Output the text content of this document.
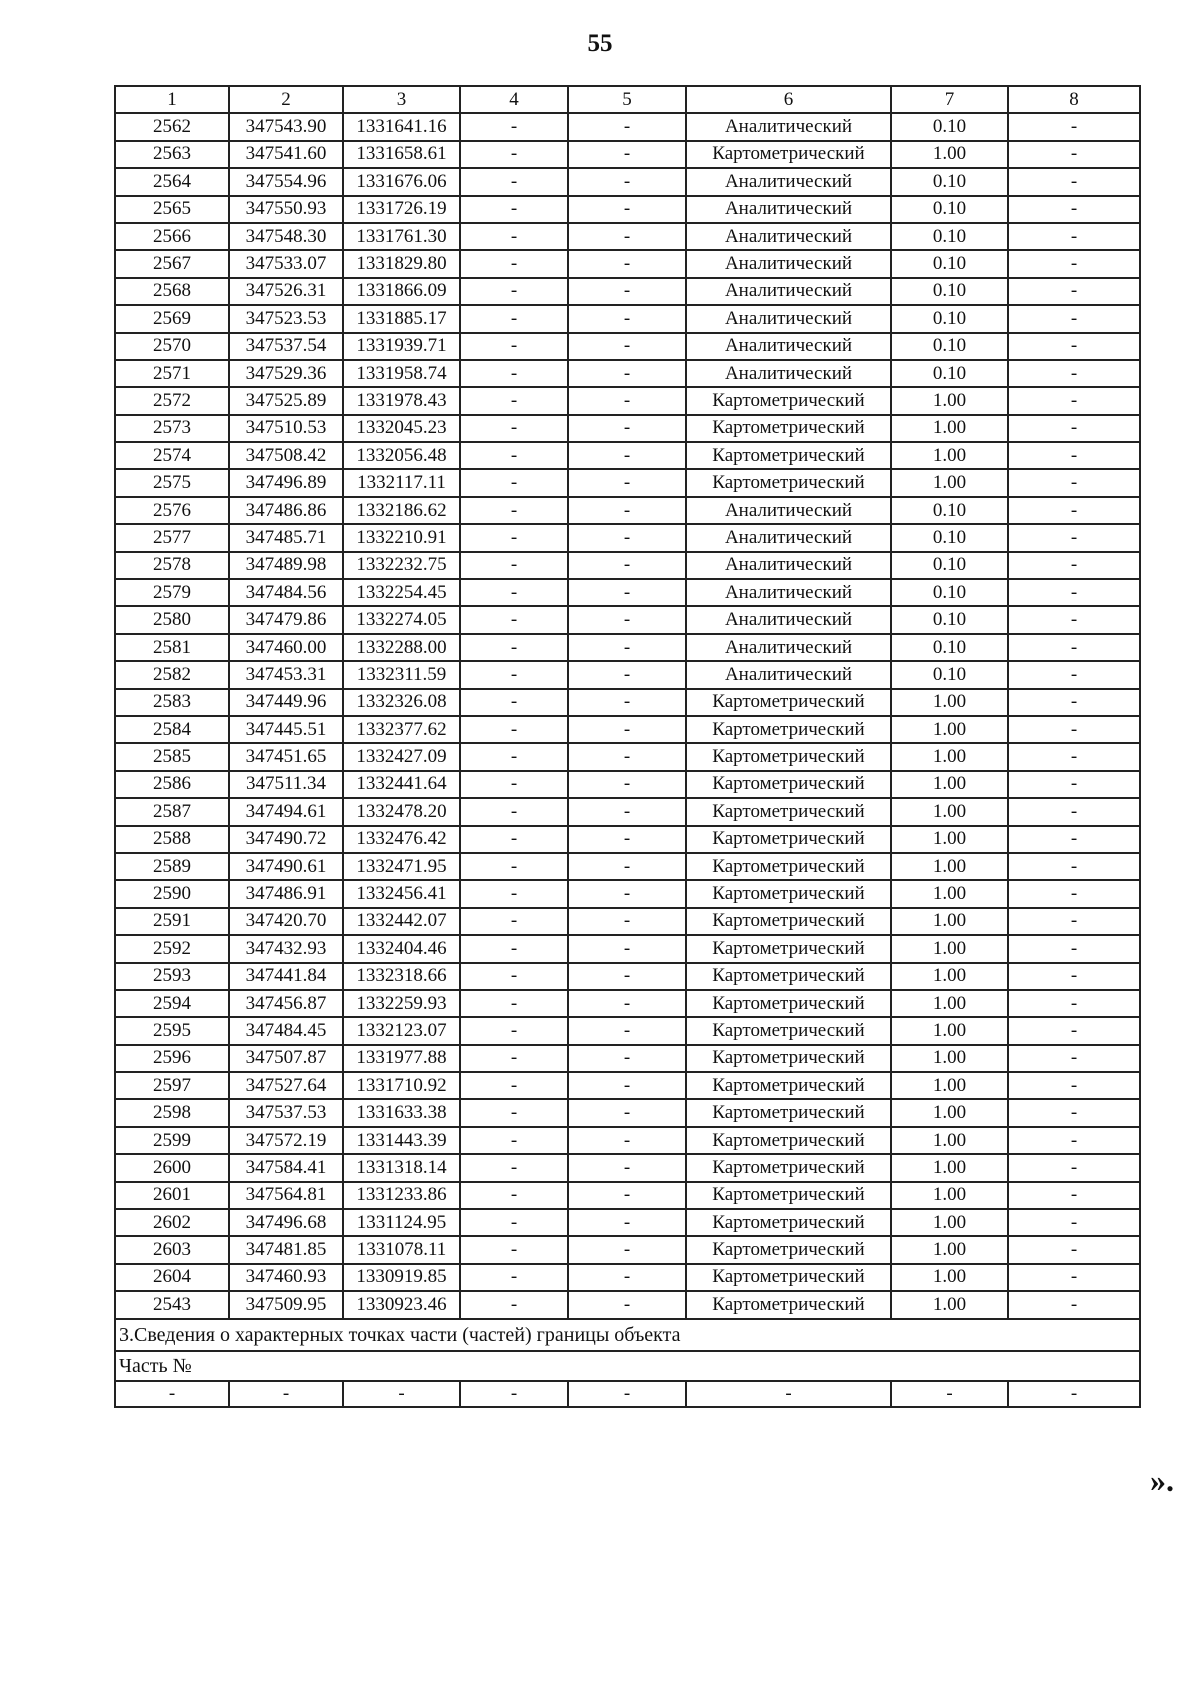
55
1	2	3	4	5	6	7	8
2562	347543.90	1331641.16	-	-	Аналитический	0.10	-
2563	347541.60	1331658.61	-	-	Картометрический	1.00	-
2564	347554.96	1331676.06	-	-	Аналитический	0.10	-
2565	347550.93	1331726.19	-	-	Аналитический	0.10	-
2566	347548.30	1331761.30	-	-	Аналитический	0.10	-
2567	347533.07	1331829.80	-	-	Аналитический	0.10	-
2568	347526.31	1331866.09	-	-	Аналитический	0.10	-
2569	347523.53	1331885.17	-	-	Аналитический	0.10	-
2570	347537.54	1331939.71	-	-	Аналитический	0.10	-
2571	347529.36	1331958.74	-	-	Аналитический	0.10	-
2572	347525.89	1331978.43	-	-	Картометрический	1.00	-
2573	347510.53	1332045.23	-	-	Картометрический	1.00	-
2574	347508.42	1332056.48	-	-	Картометрический	1.00	-
2575	347496.89	1332117.11	-	-	Картометрический	1.00	-
2576	347486.86	1332186.62	-	-	Аналитический	0.10	-
2577	347485.71	1332210.91	-	-	Аналитический	0.10	-
2578	347489.98	1332232.75	-	-	Аналитический	0.10	-
2579	347484.56	1332254.45	-	-	Аналитический	0.10	-
2580	347479.86	1332274.05	-	-	Аналитический	0.10	-
2581	347460.00	1332288.00	-	-	Аналитический	0.10	-
2582	347453.31	1332311.59	-	-	Аналитический	0.10	-
2583	347449.96	1332326.08	-	-	Картометрический	1.00	-
2584	347445.51	1332377.62	-	-	Картометрический	1.00	-
2585	347451.65	1332427.09	-	-	Картометрический	1.00	-
2586	347511.34	1332441.64	-	-	Картометрический	1.00	-
2587	347494.61	1332478.20	-	-	Картометрический	1.00	-
2588	347490.72	1332476.42	-	-	Картометрический	1.00	-
2589	347490.61	1332471.95	-	-	Картометрический	1.00	-
2590	347486.91	1332456.41	-	-	Картометрический	1.00	-
2591	347420.70	1332442.07	-	-	Картометрический	1.00	-
2592	347432.93	1332404.46	-	-	Картометрический	1.00	-
2593	347441.84	1332318.66	-	-	Картометрический	1.00	-
2594	347456.87	1332259.93	-	-	Картометрический	1.00	-
2595	347484.45	1332123.07	-	-	Картометрический	1.00	-
2596	347507.87	1331977.88	-	-	Картометрический	1.00	-
2597	347527.64	1331710.92	-	-	Картометрический	1.00	-
2598	347537.53	1331633.38	-	-	Картометрический	1.00	-
2599	347572.19	1331443.39	-	-	Картометрический	1.00	-
2600	347584.41	1331318.14	-	-	Картометрический	1.00	-
2601	347564.81	1331233.86	-	-	Картометрический	1.00	-
2602	347496.68	1331124.95	-	-	Картометрический	1.00	-
2603	347481.85	1331078.11	-	-	Картометрический	1.00	-
2604	347460.93	1330919.85	-	-	Картометрический	1.00	-
2543	347509.95	1330923.46	-	-	Картометрический	1.00	-
3.Сведения о характерных точках части (частей) границы объекта							
Часть №							
-	-	-	-	-	-	-	-
».
